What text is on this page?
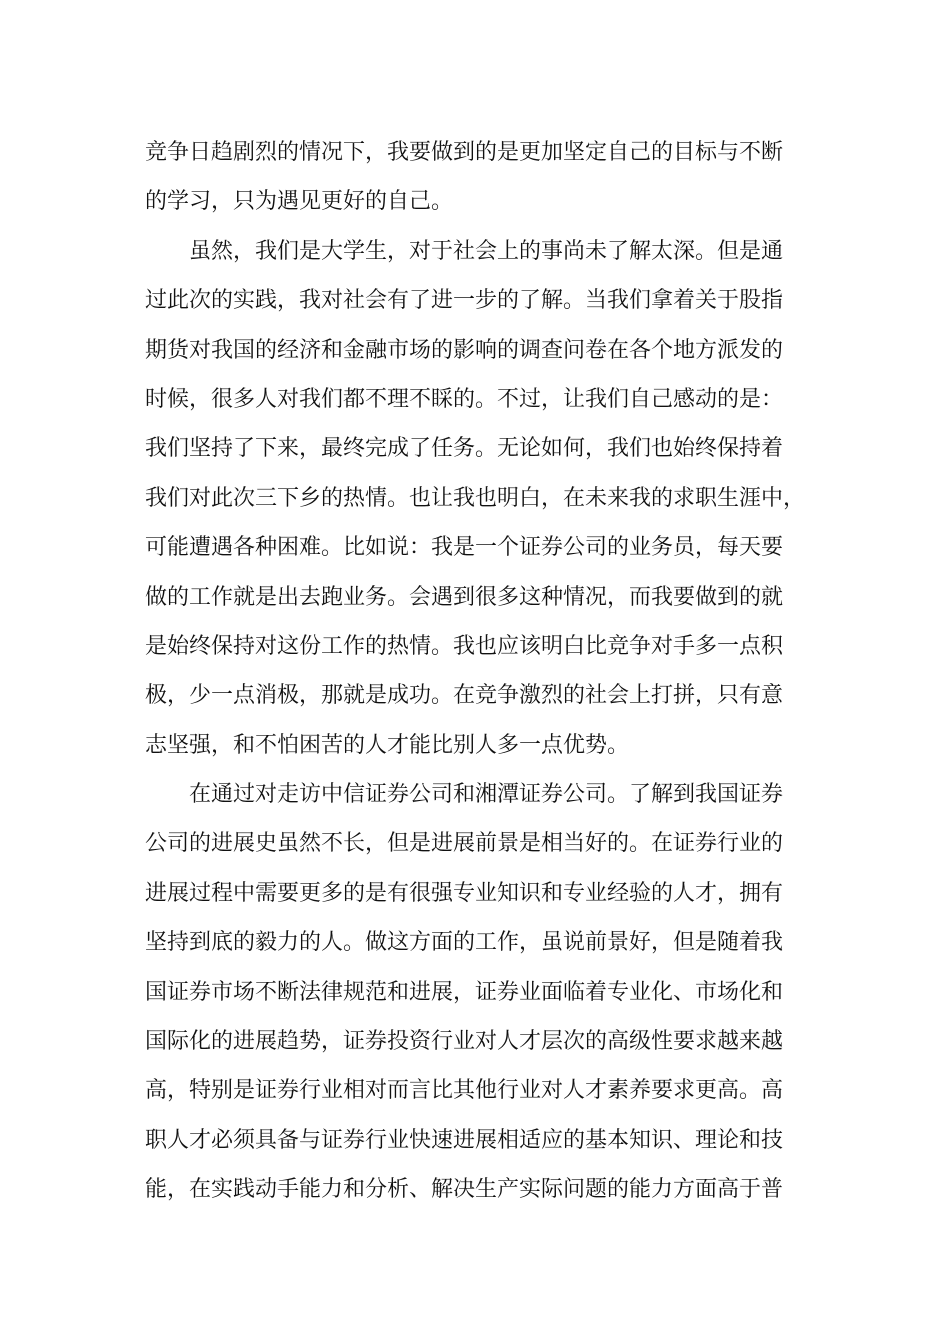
竞争日趋剧烈的情况下，我要做到的是更加坚定自己的目标与不断
的学习，只为遇见更好的自己。
虽然，我们是大学生，对于社会上的事尚未了解太深。但是通
过此次的实践，我对社会有了进一步的了解。当我们拿着关于股指
期货对我国的经济和金融市场的影响的调查问卷在各个地方派发的
时候，很多人对我们都不理不睬的。不过，让我们自己感动的是：
我们坚持了下来，最终完成了任务。无论如何，我们也始终保持着
我们对此次三下乡的热情。也让我也明白，在未来我的求职生涯中，
可能遭遇各种困难。比如说：我是一个证券公司的业务员，每天要
做的工作就是出去跑业务。会遇到很多这种情况，而我要做到的就
是始终保持对这份工作的热情。我也应该明白比竞争对手多一点积
极，少一点消极，那就是成功。在竞争激烈的社会上打拼，只有意
志坚强，和不怕困苦的人才能比别人多一点优势。
在通过对走访中信证券公司和湘潭证券公司。了解到我国证券
公司的进展史虽然不长，但是进展前景是相当好的。在证券行业的
进展过程中需要更多的是有很强专业知识和专业经验的人才，拥有
坚持到底的毅力的人。做这方面的工作，虽说前景好，但是随着我
国证券市场不断法律规范和进展，证券业面临着专业化、市场化和
国际化的进展趋势，证券投资行业对人才层次的高级性要求越来越
高，特别是证券行业相对而言比其他行业对人才素养要求更高。高
职人才必须具备与证券行业快速进展相适应的基本知识、理论和技
能，在实践动手能力和分析、解决生产实际问题的能力方面高于普
